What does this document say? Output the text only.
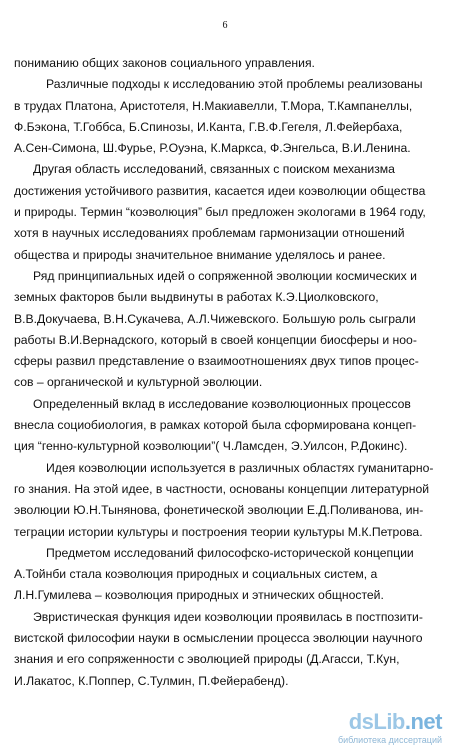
6
пониманию общих законов социального управления.
Различные подходы к исследованию этой проблемы реализованы
в трудах Платона, Аристотеля, Н.Макиавелли, Т.Мора, Т.Кампанеллы,
Ф.Бэкона, Т.Гоббса, Б.Спинозы, И.Канта, Г.В.Ф.Гегеля, Л.Фейербаха,
А.Сен-Симона, Ш.Фурье, Р.Оуэна, К.Маркса, Ф.Энгельса, В.И.Ленина.
Другая область исследований, связанных с поиском механизма
достижения устойчивого развития, касается идеи коэволюции общества
и природы. Термин “коэволюция” был предложен экологами в 1964 году,
хотя в научных исследованиях проблемам гармонизации отношений
общества и природы значительное внимание уделялось и ранее.
Ряд принципиальных идей о сопряженной эволюции космических и
земных факторов были выдвинуты в работах К.Э.Циолковского,
В.В.Докучаева, В.Н.Сукачева, А.Л.Чижевского. Большую роль сыграли
работы В.И.Вернадского, который в своей концепции биосферы и ноо-
сферы развил представление о взаимоотношениях двух типов процес-
сов – органической и культурной эволюции.
Определенный вклад в исследование коэволюционных процессов
внесла социобиология, в рамках которой была сформирована концеп-
ция “генно-культурной коэволюции”( Ч.Ламсден, Э.Уилсон, Р.Докинс).
Идея коэволюции используется в различных областях гуманитарно-
го знания. На этой идее, в частности, основаны концепции литературной
эволюции Ю.Н.Тынянова, фонетической эволюции Е.Д.Поливанова, ин-
теграции истории культуры и построения теории культуры М.К.Петрова.
Предметом исследований философско-исторической концепции
А.Тойнби стала коэволюция природных и социальных систем, а
Л.Н.Гумилева – коэволюция природных и этнических общностей.
Эвристическая функция идеи коэволюции проявилась в постпозити-
вистской философии науки в осмыслении процесса эволюции научного
знания и его сопряженности с эволюцией природы (Д.Агасси, Т.Кун,
И.Лакатос, К.Поппер, С.Тулмин, П.Фейерабенд).
dsLib.net
библиотека диссертаций
